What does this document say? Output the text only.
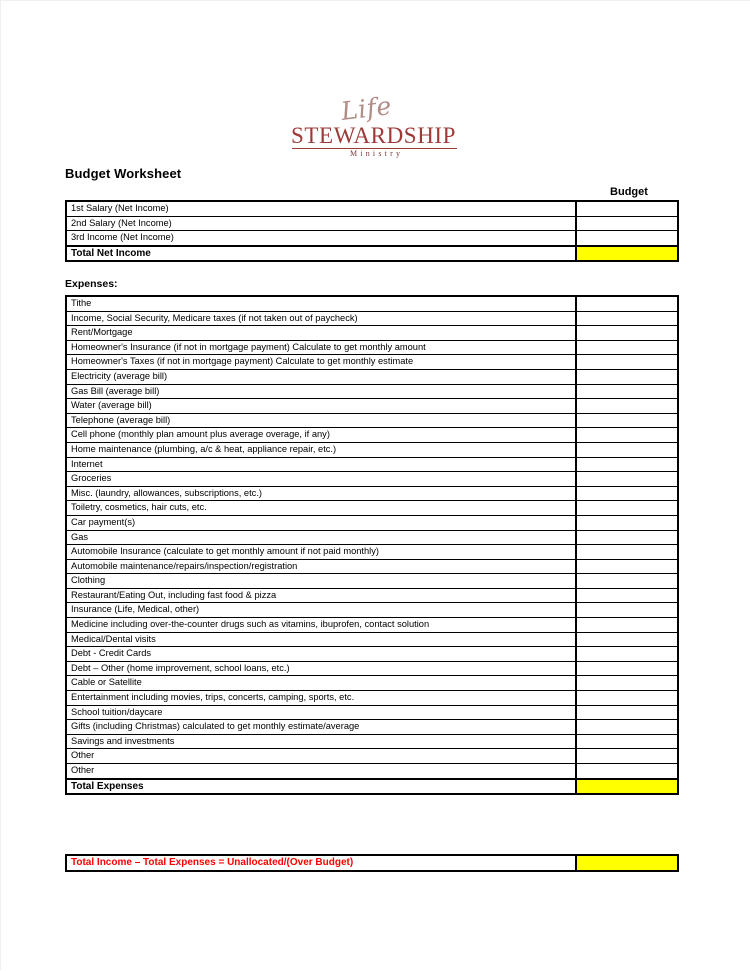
Life
STEWARDSHIP
Ministry
Budget Worksheet
Budget
1st Salary (Net Income)	
2nd Salary (Net Income)	
3rd Income (Net Income)	
Total Net Income	
Expenses:
Tithe	
Income, Social Security, Medicare taxes (if not taken out of paycheck)	
Rent/Mortgage	
Homeowner's Insurance (if not in mortgage payment) Calculate to get monthly amount	
Homeowner's Taxes (if not in mortgage payment) Calculate to get monthly estimate	
Electricity (average bill)	
Gas Bill (average bill)	
Water (average bill)	
Telephone (average bill)	
Cell phone (monthly plan amount plus average overage, if any)	
Home maintenance (plumbing, a/c & heat, appliance repair, etc.)	
Internet	
Groceries	
Misc. (laundry, allowances, subscriptions, etc.)	
Toiletry, cosmetics, hair cuts, etc.	
Car payment(s)	
Gas	
Automobile Insurance (calculate to get monthly amount if not paid monthly)	
Automobile maintenance/repairs/inspection/registration	
Clothing	
Restaurant/Eating Out, including fast food & pizza	
Insurance (Life, Medical, other)	
Medicine including over-the-counter drugs such as vitamins, ibuprofen, contact solution	
Medical/Dental visits	
Debt - Credit Cards	
Debt – Other (home improvement, school loans, etc.)	
Cable or Satellite	
Entertainment including movies, trips, concerts, camping, sports, etc.	
School tuition/daycare	
Gifts (including Christmas) calculated to get monthly estimate/average	
Savings and investments	
Other	
Other	
Total Expenses	
Total Income – Total Expenses = Unallocated/(Over Budget)	
